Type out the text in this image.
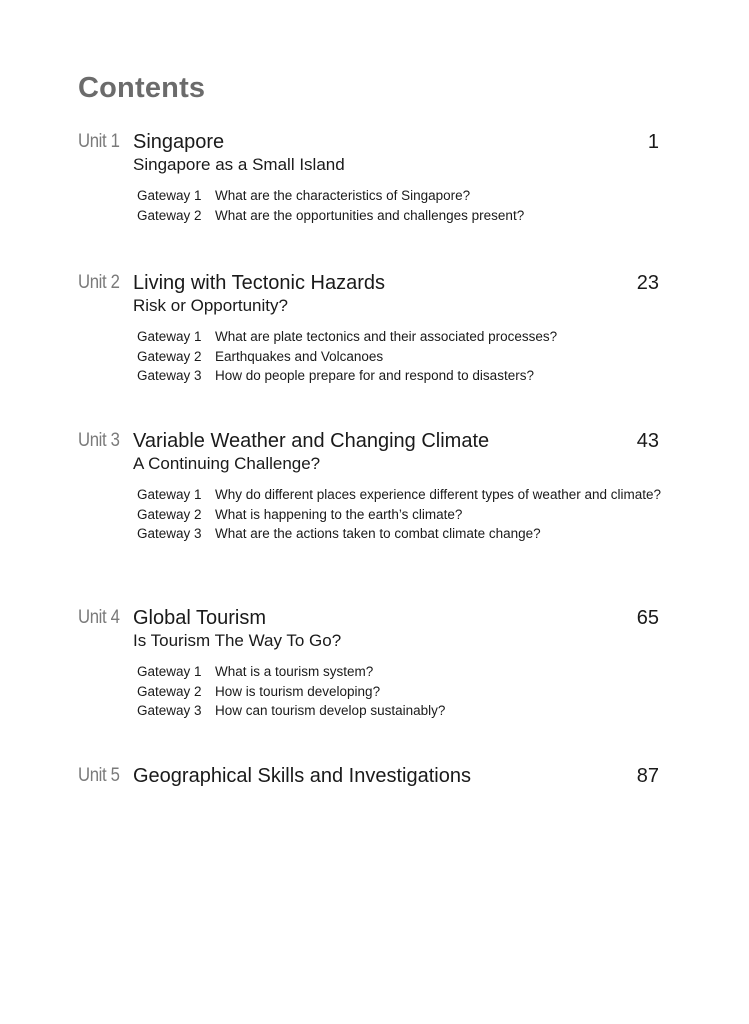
Contents
Unit 1 Singapore	1
Singapore as a Small Island
Gateway 1 What are the characteristics of Singapore?
Gateway 2 What are the opportunities and challenges present?
Unit 2 Living with Tectonic Hazards	23
Risk or Opportunity?
Gateway 1 What are plate tectonics and their associated processes?
Gateway 2 Earthquakes and Volcanoes
Gateway 3 How do people prepare for and respond to disasters?
Unit 3 Variable Weather and Changing Climate	43
A Continuing Challenge?
Gateway 1 Why do different places experience different types of weather and climate?
Gateway 2 What is happening to the earth’s climate?
Gateway 3 What are the actions taken to combat climate change?
Unit 4 Global Tourism	65
Is Tourism The Way To Go?
Gateway 1 What is a tourism system?
Gateway 2 How is tourism developing?
Gateway 3 How can tourism develop sustainably?
Unit 5 Geographical Skills and Investigations	87
